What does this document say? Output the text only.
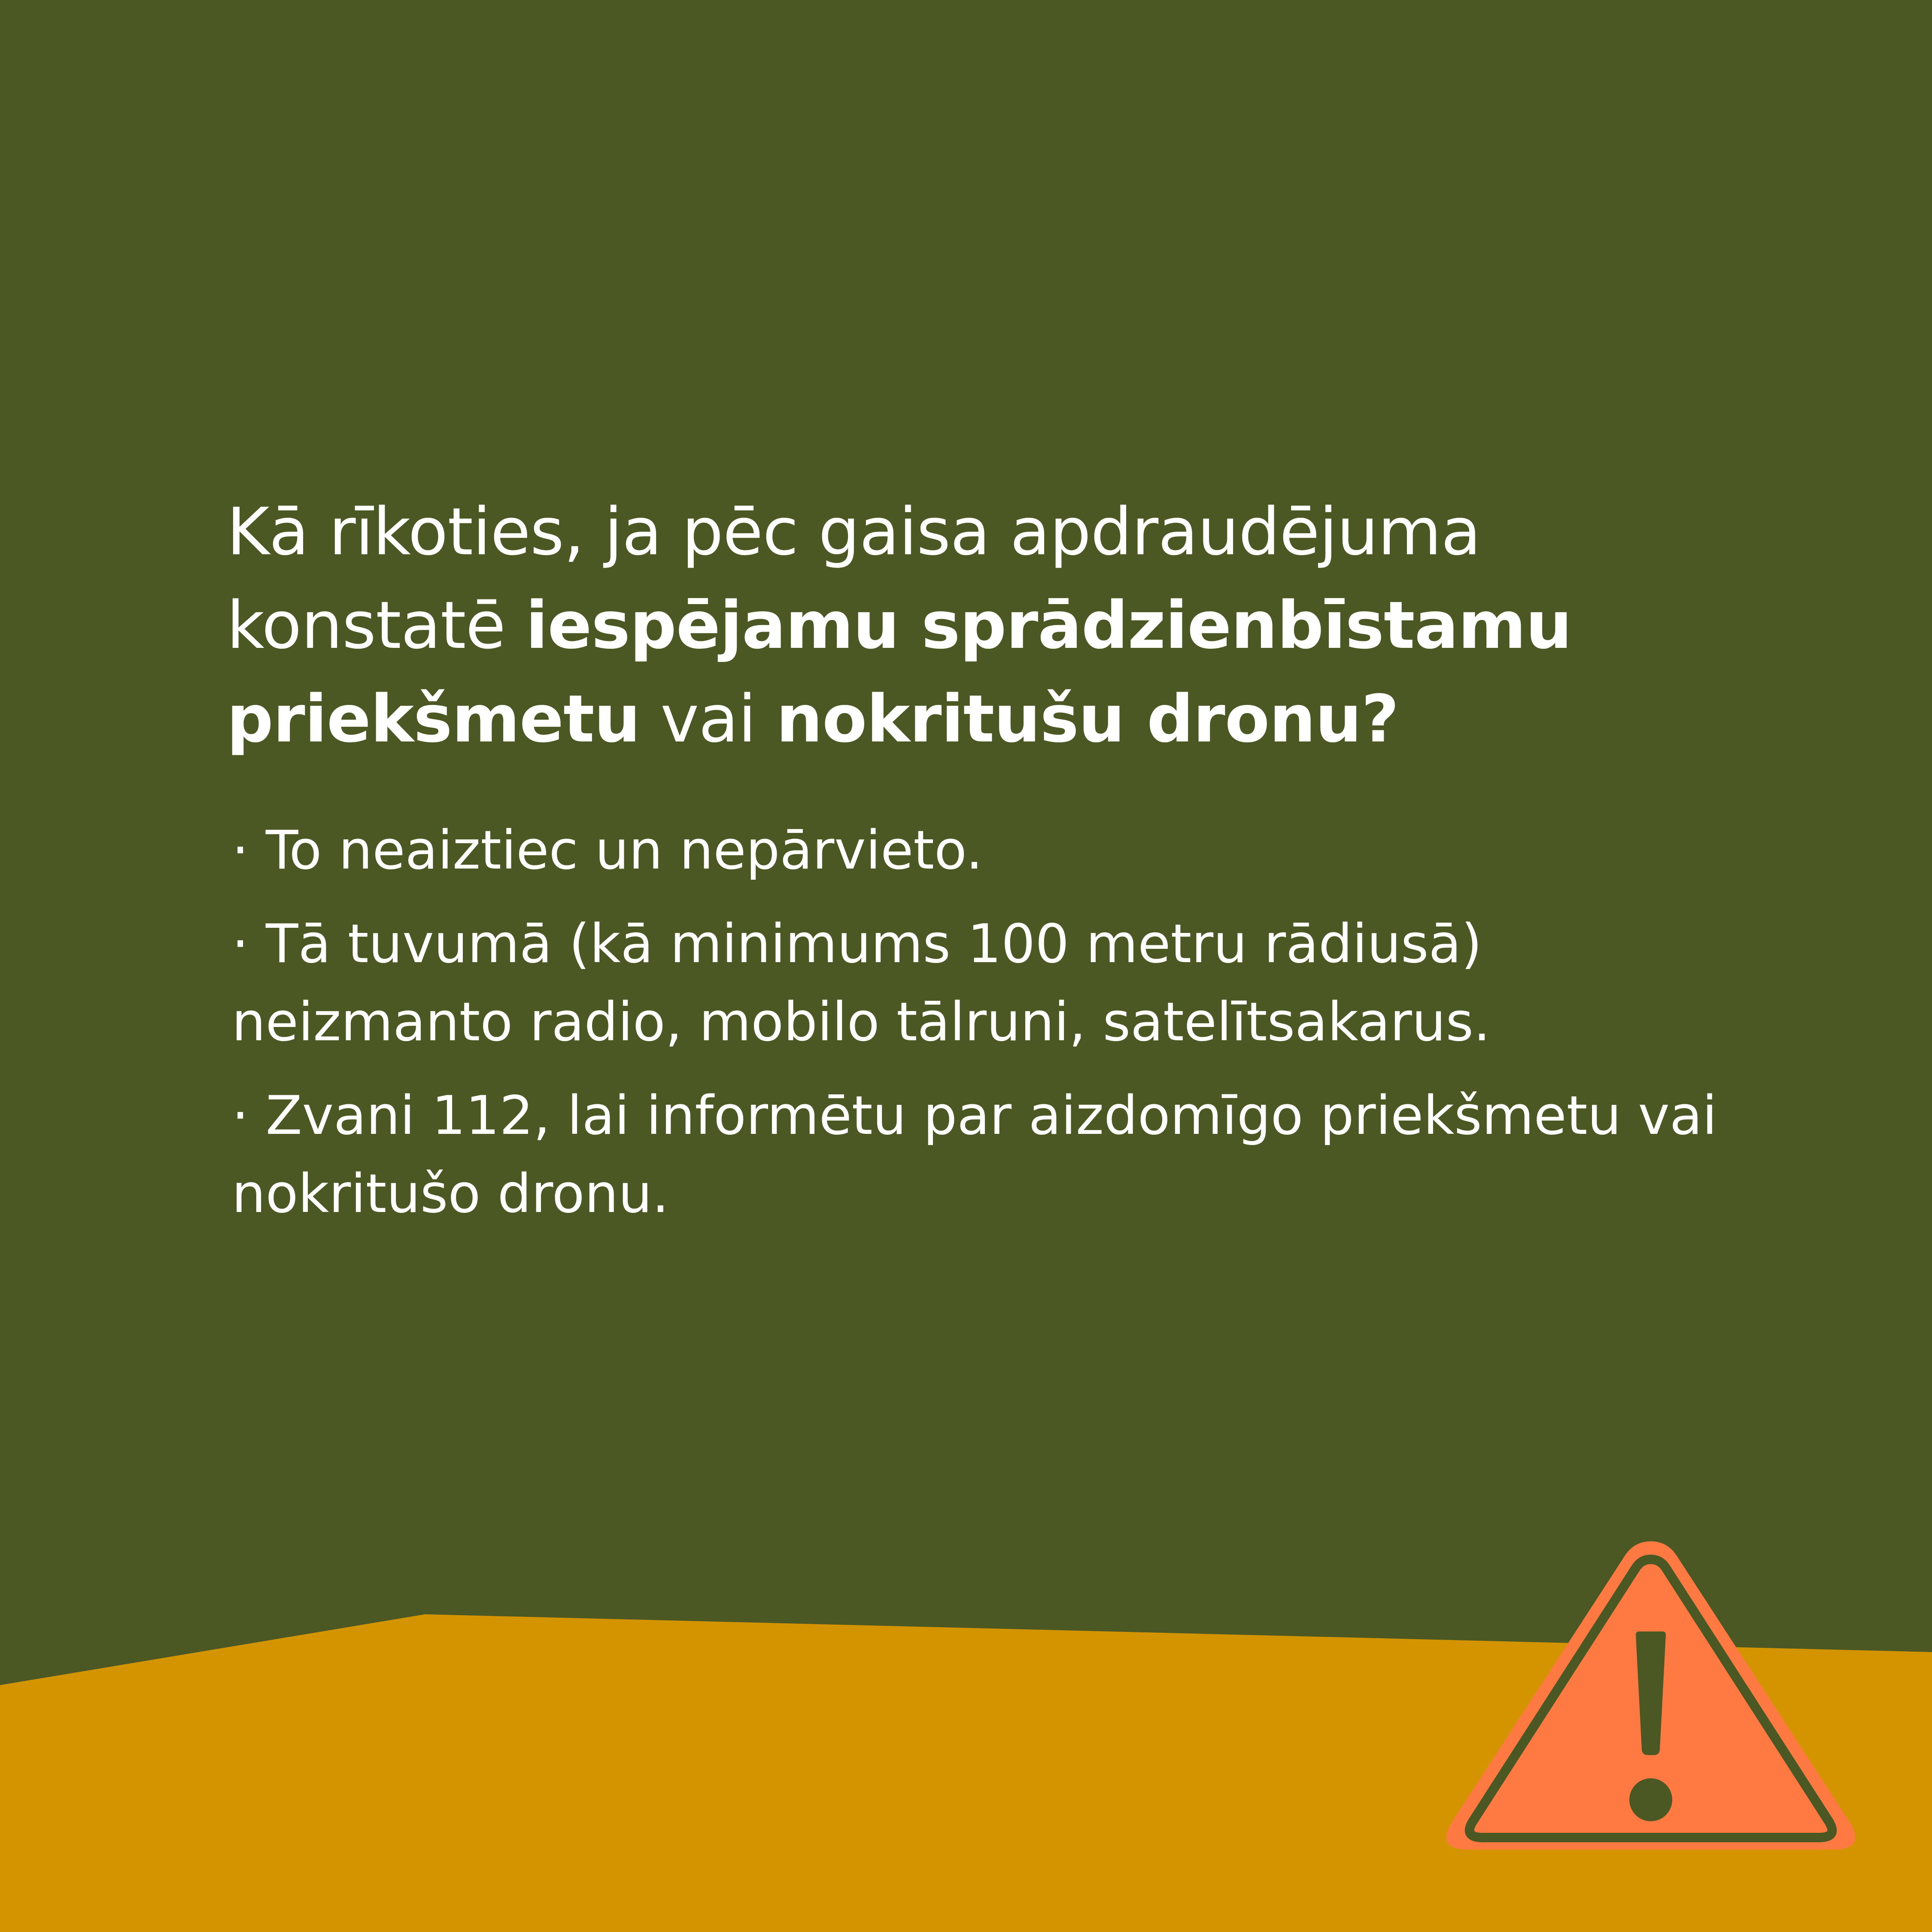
Kā rīkoties, ja pēc gaisa apdraudējuma konstatē iespējamu sprādzienbīstamu priekšmetu vai nokritušu dronu?
· To neaiztiec un nepārvieto.
· Tā tuvumā (kā minimums 100 metru rādiusā) neizmanto radio, mobilo tālruni, satelītsakarus.
· Zvani 112, lai informētu par aizdomīgo priekšmetu vai nokritušo dronu.
